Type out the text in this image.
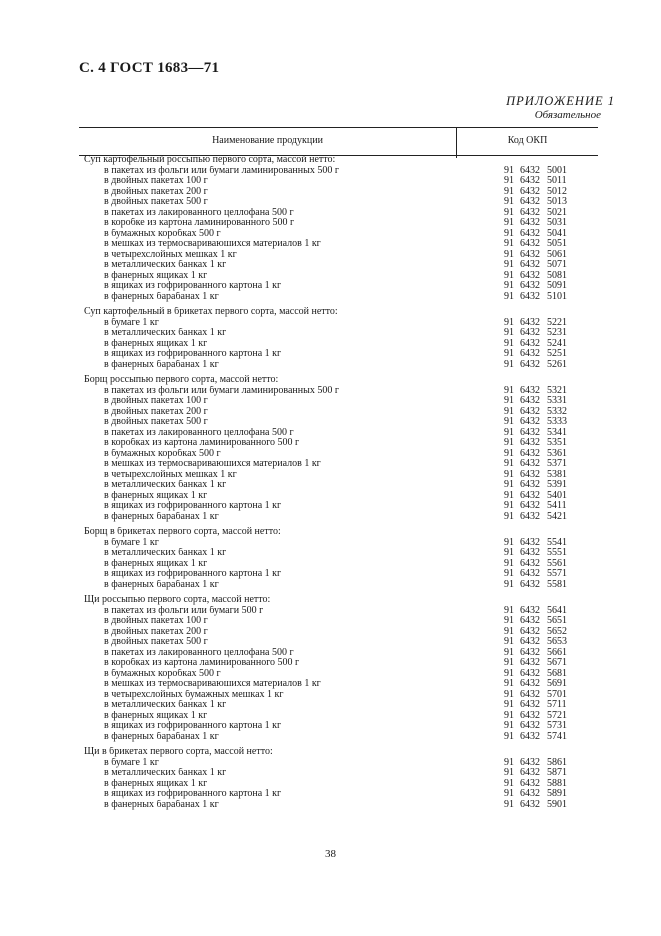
С. 4 ГОСТ 1683—71
ПРИЛОЖЕНИЕ 1
Обязательное
Наименование продукции	Код ОКП
Суп картофельный россыпью первого сорта, массой нетто:
в пакетах из фольги или бумаги ламинированных 500 г	91 6432 5001
в двойных пакетах 100 г	91 6432 5011
в двойных пакетах 200 г	91 6432 5012
в двойных пакетах 500 г	91 6432 5013
в пакетах из лакированного целлофана 500 г	91 6432 5021
в коробке из картона ламинированного 500 г	91 6432 5031
в бумажных коробках 500 г	91 6432 5041
в мешках из термосвариваюшихся материалов 1 кг	91 6432 5051
в четырехслойных мешках 1 кг	91 6432 5061
в металлических банках 1 кг	91 6432 5071
в фанерных ящиках 1 кг	91 6432 5081
в ящиках из гофрированного картона 1 кг	91 6432 5091
в фанерных барабанах 1 кг	91 6432 5101
Суп картофельный в брикетах первого сорта, массой нетто:
в бумаге 1 кг	91 6432 5221
в металлических банках 1 кг	91 6432 5231
в фанерных ящиках 1 кг	91 6432 5241
в ящиках из гофрированного картона 1 кг	91 6432 5251
в фанерных барабанах 1 кг	91 6432 5261
Борщ россыпью первого сорта, массой нетто:
в пакетах из фольги или бумаги ламинированных 500 г	91 6432 5321
в двойных пакетах 100 г	91 6432 5331
в двойных пакетах 200 г	91 6432 5332
в двойных пакетах 500 г	91 6432 5333
в пакетах из лакированного целлофана 500 г	91 6432 5341
в коробках из картона ламинированного 500 г	91 6432 5351
в бумажных коробках 500 г	91 6432 5361
в мешках из термосвариваюшихся материалов 1 кг	91 6432 5371
в четырехслойных мешках 1 кг	91 6432 5381
в металлических банках 1 кг	91 6432 5391
в фанерных ящиках 1 кг	91 6432 5401
в ящиках из гофрированного картона 1 кг	91 6432 5411
в фанерных барабанах 1 кг	91 6432 5421
Борщ в брикетах первого сорта, массой нетто:
в бумаге 1 кг	91 6432 5541
в металлических банках 1 кг	91 6432 5551
в фанерных ящиках 1 кг	91 6432 5561
в ящиках из гофрированного картона 1 кг	91 6432 5571
в фанерных барабанах 1 кг	91 6432 5581
Щи россыпью первого сорта, массой нетто:
в пакетах из фольги или бумаги 500 г	91 6432 5641
в двойных пакетах 100 г	91 6432 5651
в двойных пакетах 200 г	91 6432 5652
в двойных пакетах 500 г	91 6432 5653
в пакетах из лакированного целлофана 500 г	91 6432 5661
в коробках из картона ламинированного 500 г	91 6432 5671
в бумажных коробках 500 г	91 6432 5681
в мешках из термосвариваюшихся материалов 1 кг	91 6432 5691
в четырехслойных бумажных мешках 1 кг	91 6432 5701
в металлических банках 1 кг	91 6432 5711
в фанерных ящиках 1 кг	91 6432 5721
в ящиках из гофрированного картона 1 кг	91 6432 5731
в фанерных барабанах 1 кг	91 6432 5741
Щи в брикетах первого сорта, массой нетто:
в бумаге 1 кг	91 6432 5861
в металлических банках 1 кг	91 6432 5871
в фанерных ящиках 1 кг	91 6432 5881
в ящиках из гофрированного картона 1 кг	91 6432 5891
в фанерных барабанах 1 кг	91 6432 5901
38
